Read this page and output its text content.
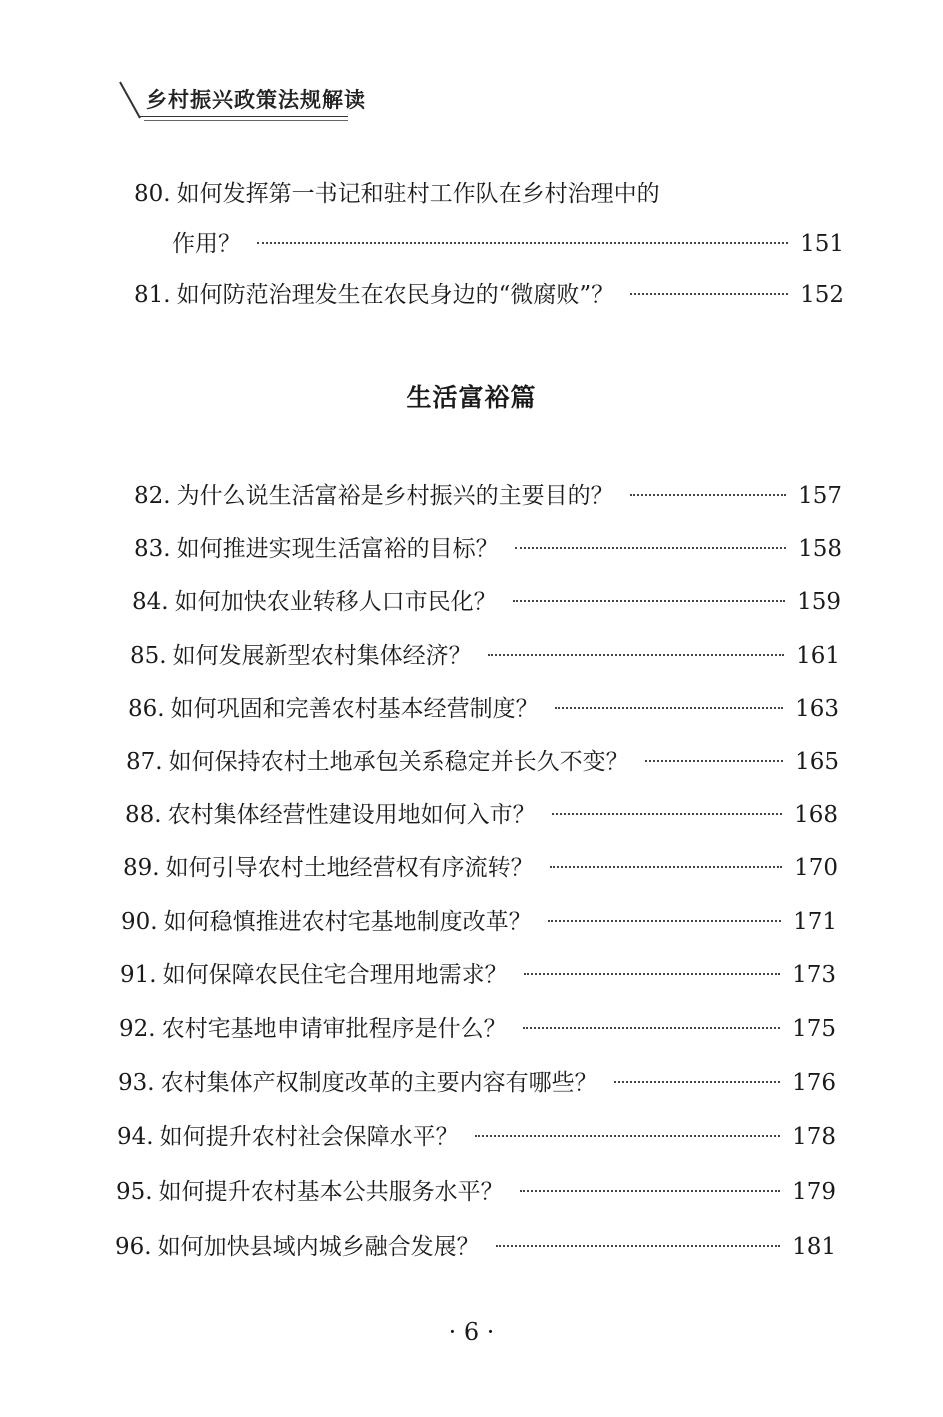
乡村振兴政策法规解读
80. 如何发挥第一书记和驻村工作队在乡村治理中的
作用？	151
81. 如何防范治理发生在农民身边的“微腐败”？	152
生活富裕篇
82. 为什么说生活富裕是乡村振兴的主要目的？	157
83. 如何推进实现生活富裕的目标？	158
84. 如何加快农业转移人口市民化？	159
85. 如何发展新型农村集体经济？	161
86. 如何巩固和完善农村基本经营制度？	163
87. 如何保持农村土地承包关系稳定并长久不变？	165
88. 农村集体经营性建设用地如何入市？	168
89. 如何引导农村土地经营权有序流转？	170
90. 如何稳慎推进农村宅基地制度改革？	171
91. 如何保障农民住宅合理用地需求？	173
92. 农村宅基地申请审批程序是什么？	175
93. 农村集体产权制度改革的主要内容有哪些？	176
94. 如何提升农村社会保障水平？	178
95. 如何提升农村基本公共服务水平？	179
96. 如何加快县域内城乡融合发展？	181
· 6 ·
